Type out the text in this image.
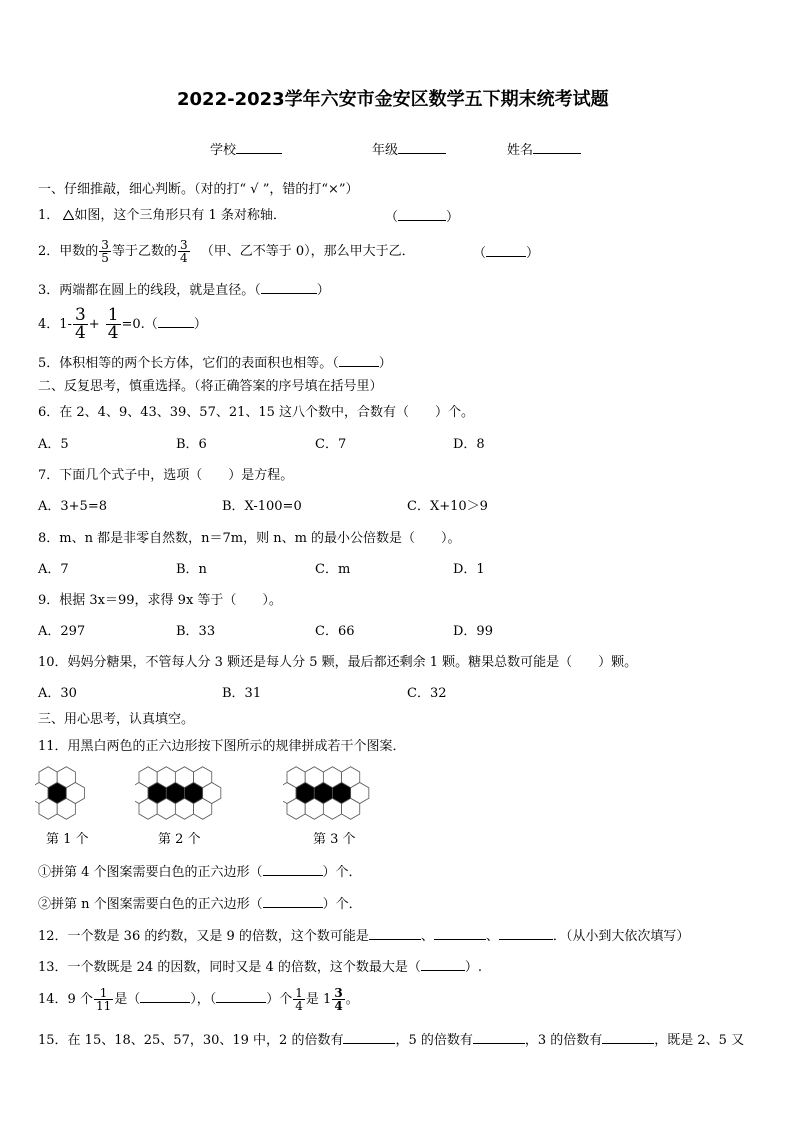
2022-2023学年六安市金安区数学五下期末统考试题
学校	年级	姓名
一、仔细推敲，细心判断。（对的打“ √ ”，错的打“×”）
1． 如图，这个三角形只有 1 条对称轴．	（	）
2．甲数的 $\frac{3}{5}$ 等于乙数的 $\frac{3}{4}$ （甲、乙不等于 0），那么甲大于乙．	（	）
3．两端都在圆上的线段，就是直径。（	）
4．$1- \frac{3}{4} + \frac{1}{4} =0$.（	）
5．体积相等的两个长方体，它们的表面积也相等。（	）
二、反复思考，慎重选择。（将正确答案的序号填在括号里）
6．在 2、4、9、43、39、57、21、15 这八个数中，合数有（　　）个。
A．5	B．6	C．7	D．8
7．下面几个式子中，选项（　　）是方程。
A．3+5=8	B．X-100=0	C．X+10＞9
8．m、n 都是非零自然数，n＝7m，则 n、m 的最小公倍数是（　　）。
A．7	B．n	C．m	D．1
9．根据 3x＝99，求得 9x 等于（　　）。
A．297	B．33	C．66	D．99
10．妈妈分糖果，不管每人分 3 颗还是每人分 5 颗，最后都还剩余 1 颗。糖果总数可能是（　　）颗。
A．30	B．31	C．32
三、用心思考，认真填空。
11．用黑白两色的正六边形按下图所示的规律拼成若干个图案．
第 1 个	第 2 个	第 3 个
①拼第 4 个图案需要白色的正六边形（	）个．
②拼第 n 个图案需要白色的正六边形（	）个．
12．一个数是 36 的约数，又是 9 的倍数，这个数可能是	、	、	．（从小到大依次填写）
13．一个数既是 24 的因数，同时又是 4 的倍数，这个数最大是（	）.
14．9 个 $\frac{1}{11}$ 是（	），（	）个 $\frac{1}{4}$ 是 $1 \frac{3}{4}$ 。
15．在 15、18、25、57，30、19 中，2 的倍数有	，5 的倍数有	，3 的倍数有	，既是 2、5 又
